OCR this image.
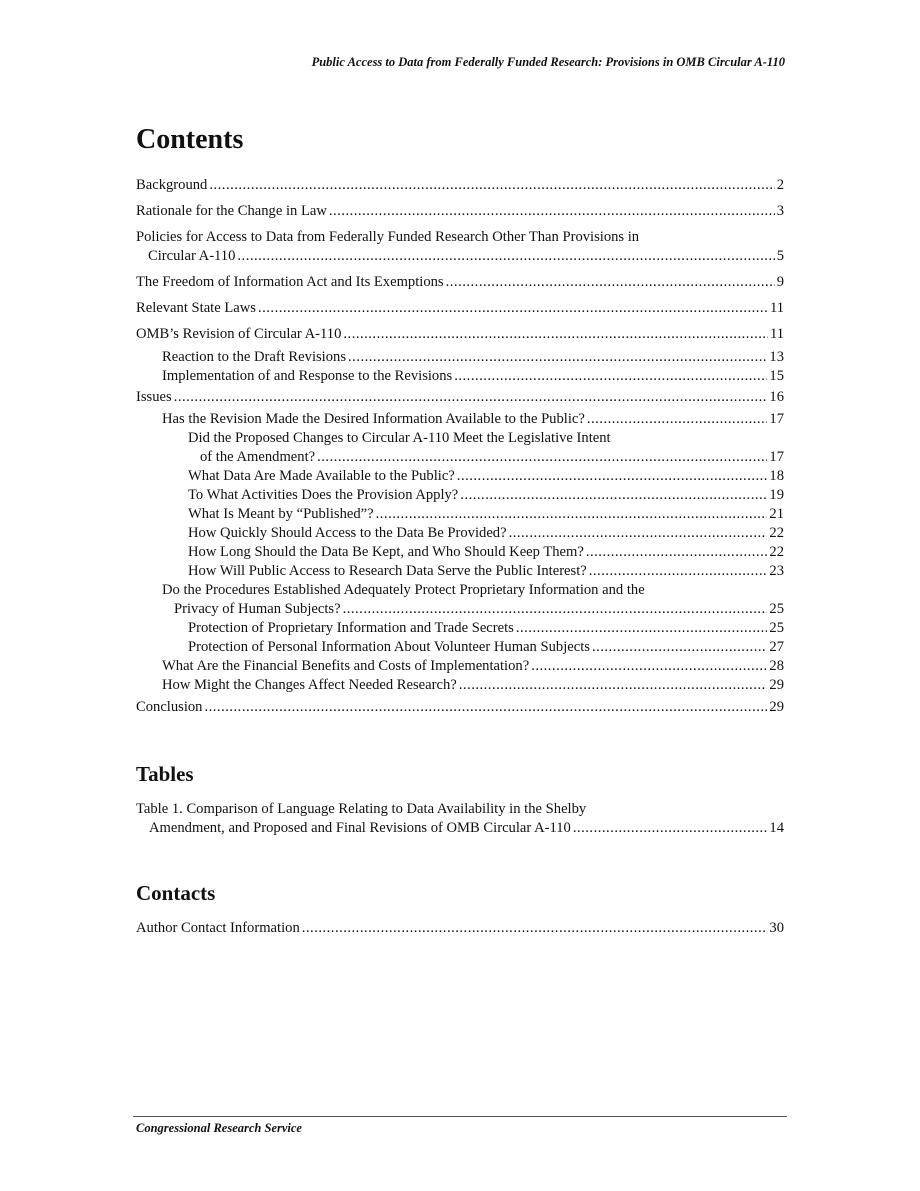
Public Access to Data from Federally Funded Research: Provisions in OMB Circular A-110
Contents
Background .....	2
Rationale for the Change in Law .....	3
Policies for Access to Data from Federally Funded Research Other Than Provisions in
Circular A-110 .....	5
The Freedom of Information Act and Its Exemptions .....	9
Relevant State Laws .....	11
OMB’s Revision of Circular A-110 .....	11
Reaction to the Draft Revisions .....	13
Implementation of and Response to the Revisions .....	15
Issues .....	16
Has the Revision Made the Desired Information Available to the Public? .....	17
Did the Proposed Changes to Circular A-110 Meet the Legislative Intent
of the Amendment? .....	17
What Data Are Made Available to the Public? .....	18
To What Activities Does the Provision Apply? .....	19
What Is Meant by “Published”? .....	21
How Quickly Should Access to the Data Be Provided? .....	22
How Long Should the Data Be Kept, and Who Should Keep Them? .....	22
How Will Public Access to Research Data Serve the Public Interest? .....	23
Do the Procedures Established Adequately Protect Proprietary Information and the
Privacy of Human Subjects? .....	25
Protection of Proprietary Information and Trade Secrets .....	25
Protection of Personal Information About Volunteer Human Subjects .....	27
What Are the Financial Benefits and Costs of Implementation? .....	28
How Might the Changes Affect Needed Research? .....	29
Conclusion .....	29
Tables
Table 1. Comparison of Language Relating to Data Availability in the Shelby
Amendment, and Proposed and Final Revisions of OMB Circular A-110 .....	14
Contacts
Author Contact Information .....	30
Congressional Research Service
